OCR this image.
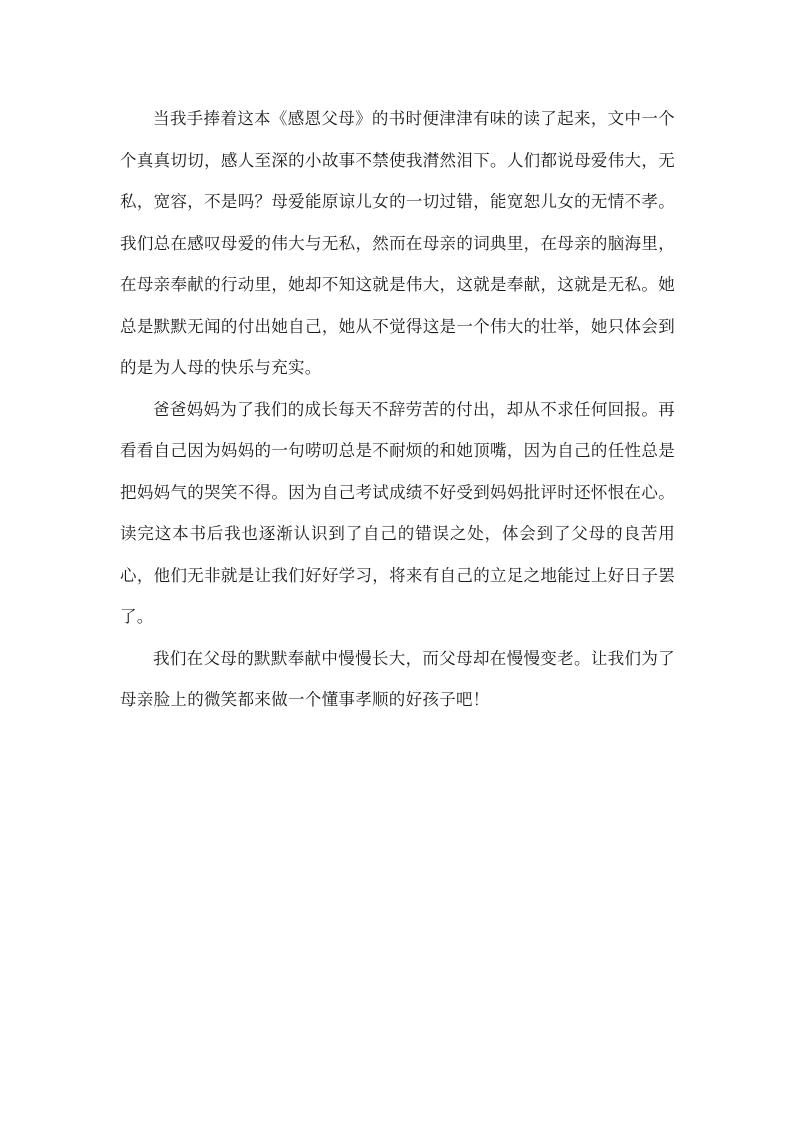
当我手捧着这本《感恩父母》的书时便津津有味的读了起来，文中一个个真真切切，感人至深的小故事不禁使我潸然泪下。人们都说母爱伟大，无私，宽容，不是吗？母爱能原谅儿女的一切过错，能宽恕儿女的无情不孝。我们总在感叹母爱的伟大与无私，然而在母亲的词典里，在母亲的脑海里，在母亲奉献的行动里，她却不知这就是伟大，这就是奉献，这就是无私。她总是默默无闻的付出她自己，她从不觉得这是一个伟大的壮举，她只体会到的是为人母的快乐与充实。

爸爸妈妈为了我们的成长每天不辞劳苦的付出，却从不求任何回报。再看看自己因为妈妈的一句唠叨总是不耐烦的和她顶嘴，因为自己的任性总是把妈妈气的哭笑不得。因为自己考试成绩不好受到妈妈批评时还怀恨在心。读完这本书后我也逐渐认识到了自己的错误之处，体会到了父母的良苦用心，他们无非就是让我们好好学习，将来有自己的立足之地能过上好日子罢了。

我们在父母的默默奉献中慢慢长大，而父母却在慢慢变老。让我们为了母亲脸上的微笑都来做一个懂事孝顺的好孩子吧！
